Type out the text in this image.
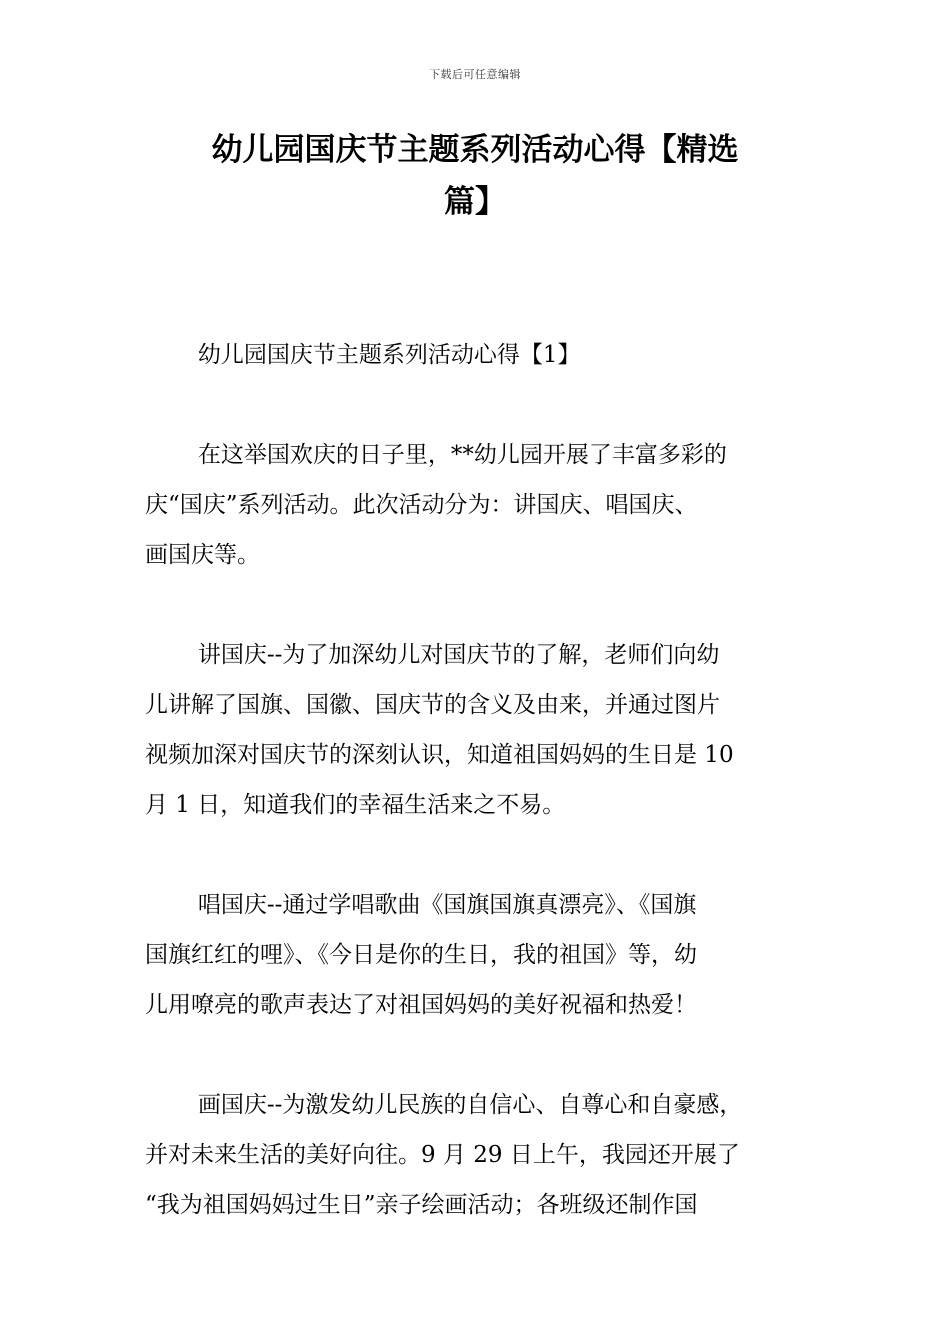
下载后可任意编辑
幼儿园国庆节主题系列活动心得【精选
篇】

幼儿园国庆节主题系列活动心得【1】

在这举国欢庆的日子里，**幼儿园开展了丰富多彩的
庆“国庆”系列活动。此次活动分为：讲国庆、唱国庆、
画国庆等。

讲国庆--为了加深幼儿对国庆节的了解，老师们向幼
儿讲解了国旗、国徽、国庆节的含义及由来，并通过图片
视频加深对国庆节的深刻认识，知道祖国妈妈的生日是 10
月 1 日，知道我们的幸福生活来之不易。

唱国庆--通过学唱歌曲《国旗国旗真漂亮》、《国旗
国旗红红的哩》、《今日是你的生日，我的祖国》等，幼
儿用嘹亮的歌声表达了对祖国妈妈的美好祝福和热爱！

画国庆--为激发幼儿民族的自信心、自尊心和自豪感，
并对未来生活的美好向往。9 月 29 日上午，我园还开展了
“我为祖国妈妈过生日”亲子绘画活动；各班级还制作国
